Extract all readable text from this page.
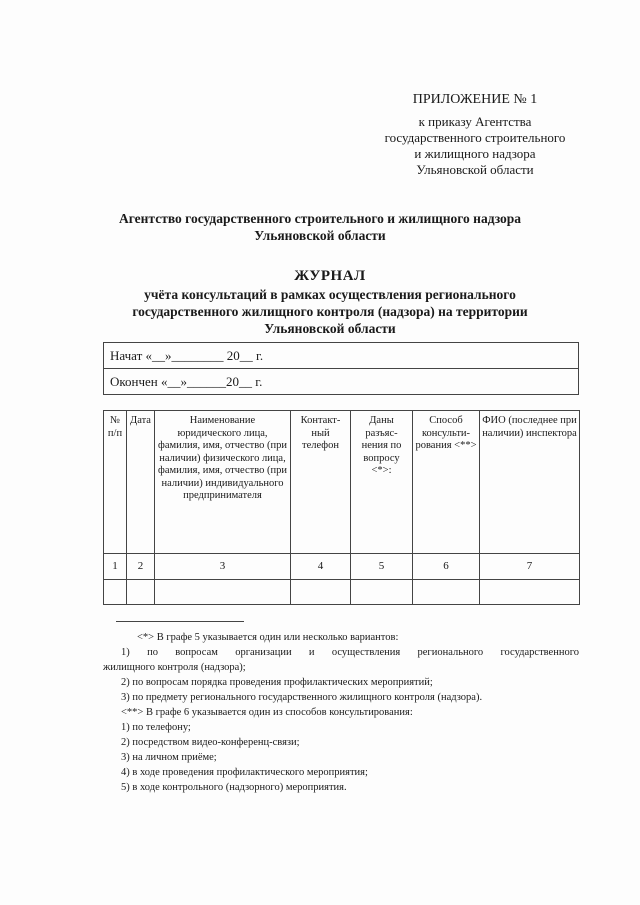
ПРИЛОЖЕНИЕ № 1
к приказу Агентства
государственного строительного
и жилищного надзора
Ульяновской области
Агентство государственного строительного и жилищного надзора
Ульяновской области
ЖУРНАЛ
учёта консультаций в рамках осуществления регионального
государственного жилищного контроля (надзора) на территории
Ульяновской области
Начат «__»________ 20__ г.
Окончен «__»______20__ г.
№ п/п	Дата	Наименование юридического лица, фамилия, имя, отчество (при наличии) физического лица, фамилия, имя, отчество (при наличии) индивидуального предпринимателя	Контакт-ный телефон	Даны разъяс-нения по вопросу <*>:	Способ консульти-рования <**>	ФИО (последнее при наличии) инспектора
1	2	3	4	5	6	7

<*> В графе 5 указывается один или несколько вариантов:
1) по вопросам организации и осуществления регионального государственного
жилищного контроля (надзора);
2) по вопросам порядка проведения профилактических мероприятий;
3) по предмету регионального государственного жилищного контроля (надзора).
<**> В графе 6 указывается один из способов консультирования:
1) по телефону;
2) посредством видео-конференц-связи;
3) на личном приёме;
4) в ходе проведения профилактического мероприятия;
5) в ходе контрольного (надзорного) мероприятия.
